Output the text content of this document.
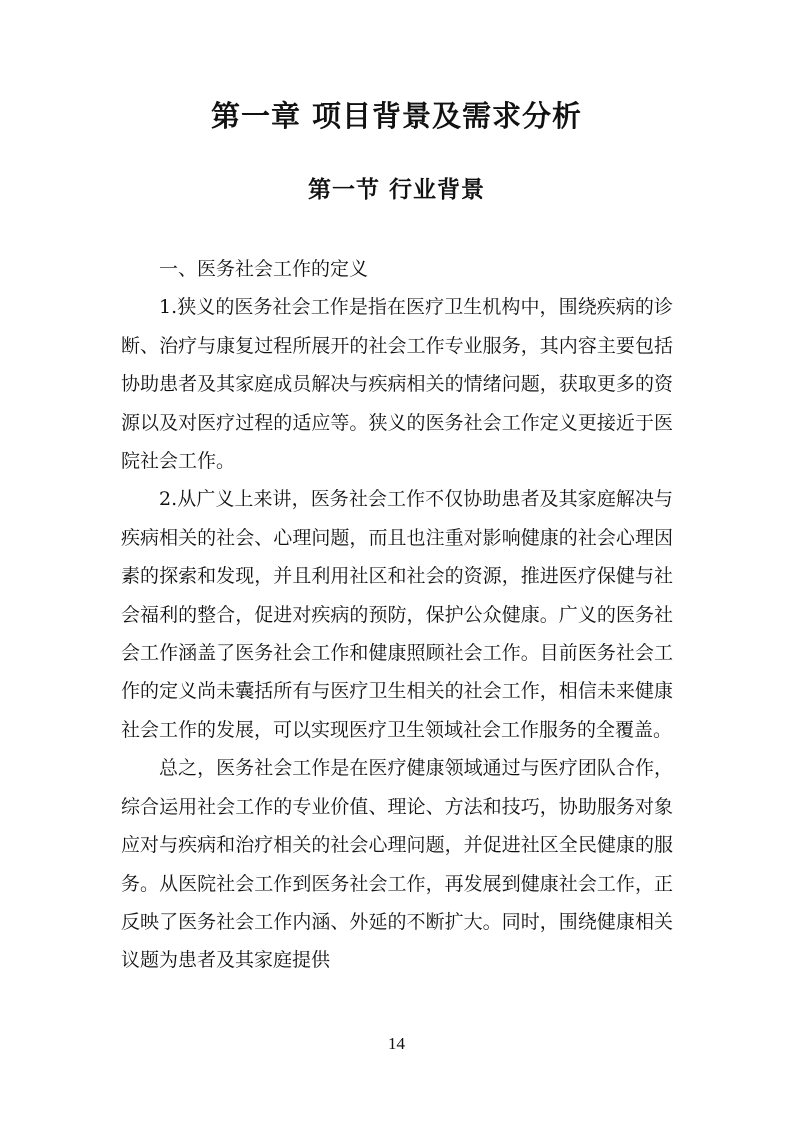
第一章 项目背景及需求分析
第一节 行业背景

一、医务社会工作的定义

1.狭义的医务社会工作是指在医疗卫生机构中，围绕疾病的诊断、治疗与康复过程所展开的社会工作专业服务，其内容主要包括协助患者及其家庭成员解决与疾病相关的情绪问题，获取更多的资源以及对医疗过程的适应等。狭义的医务社会工作定义更接近于医院社会工作。

2.从广义上来讲，医务社会工作不仅协助患者及其家庭解决与疾病相关的社会、心理问题，而且也注重对影响健康的社会心理因素的探索和发现，并且利用社区和社会的资源，推进医疗保健与社会福利的整合，促进对疾病的预防，保护公众健康。广义的医务社会工作涵盖了医务社会工作和健康照顾社会工作。目前医务社会工作的定义尚未囊括所有与医疗卫生相关的社会工作，相信未来健康社会工作的发展，可以实现医疗卫生领域社会工作服务的全覆盖。

总之，医务社会工作是在医疗健康领域通过与医疗团队合作，综合运用社会工作的专业价值、理论、方法和技巧，协助服务对象应对与疾病和治疗相关的社会心理问题，并促进社区全民健康的服务。从医院社会工作到医务社会工作，再发展到健康社会工作，正反映了医务社会工作内涵、外延的不断扩大。同时，围绕健康相关议题为患者及其家庭提供

14
